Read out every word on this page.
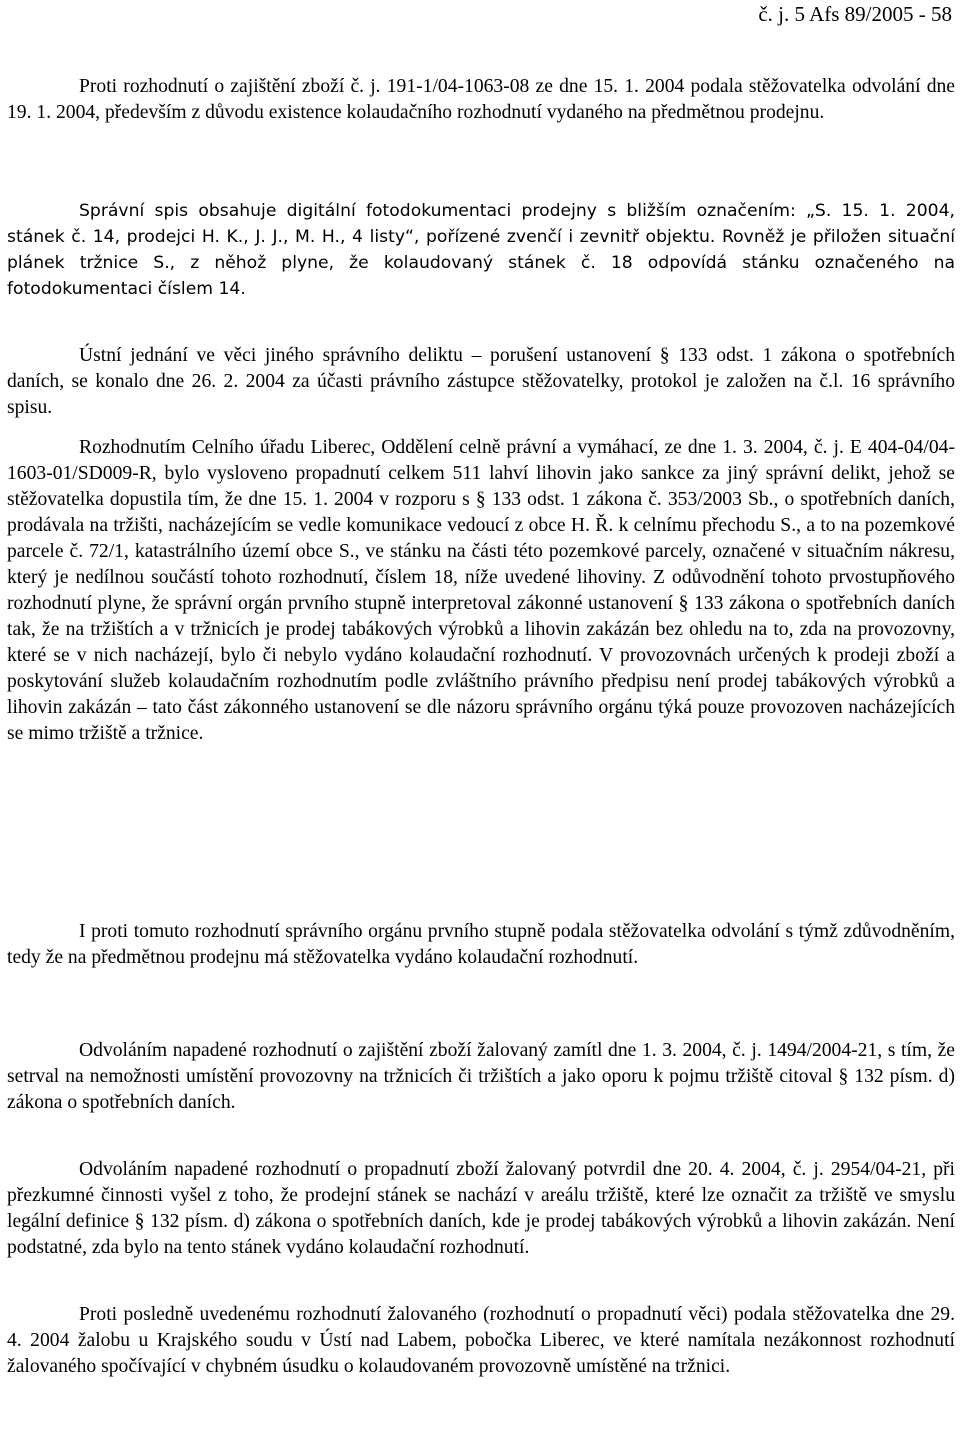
č. j. 5 Afs 89/2005 - 58

Proti rozhodnutí o zajištění zboží č. j. 191-1/04-1063-08 ze dne 15. 1. 2004 podala stěžovatelka odvolání dne 19. 1. 2004, především z důvodu existence kolaudačního rozhodnutí vydaného na předmětnou prodejnu.

Správní spis obsahuje digitální fotodokumentaci prodejny s bližším označením: „S. 15. 1. 2004, stánek č. 14, prodejci H. K., J. J., M. H., 4 listy“, pořízené zvenčí i zevnitř objektu. Rovněž je přiložen situační plánek tržnice S., z něhož plyne, že kolaudovaný stánek č. 18 odpovídá stánku označeného na fotodokumentaci číslem 14.

Ústní jednání ve věci jiného správního deliktu – porušení ustanovení § 133 odst. 1 zákona o spotřebních daních, se konalo dne 26. 2. 2004 za účasti právního zástupce stěžovatelky, protokol je založen na č.l. 16 správního spisu.

Rozhodnutím Celního úřadu Liberec, Oddělení celně právní a vymáhací, ze dne 1. 3. 2004, č. j. E 404-04/04-1603-01/SD009-R, bylo vysloveno propadnutí celkem 511 lahví lihovin jako sankce za jiný správní delikt, jehož se stěžovatelka dopustila tím, že dne 15. 1. 2004 v rozporu s § 133 odst. 1 zákona č. 353/2003 Sb., o spotřebních daních, prodávala na tržišti, nacházejícím se vedle komunikace vedoucí z obce H. Ř. k celnímu přechodu S., a to na pozemkové parcele č. 72/1, katastrálního území obce S., ve stánku na části této pozemkové parcely, označené v situačním nákresu, který je nedílnou součástí tohoto rozhodnutí, číslem 18, níže uvedené lihoviny. Z odůvodnění tohoto prvostupňového rozhodnutí plyne, že správní orgán prvního stupně interpretoval zákonné ustanovení § 133 zákona o spotřebních daních tak, že na tržištích a v tržnicích je prodej tabákových výrobků a lihovin zakázán bez ohledu na to, zda na provozovny, které se v nich nacházejí, bylo či nebylo vydáno kolaudační rozhodnutí. V provozovnách určených k prodeji zboží a poskytování služeb kolaudačním rozhodnutím podle zvláštního právního předpisu není prodej tabákových výrobků a lihovin zakázán – tato část zákonného ustanovení se dle názoru správního orgánu týká pouze provozoven nacházejících se mimo tržiště a tržnice.

I proti tomuto rozhodnutí správního orgánu prvního stupně podala stěžovatelka odvolání s týmž zdůvodněním, tedy že na předmětnou prodejnu má stěžovatelka vydáno kolaudační rozhodnutí.

Odvoláním napadené rozhodnutí o zajištění zboží žalovaný zamítl dne 1. 3. 2004, č. j. 1494/2004-21, s tím, že setrval na nemožnosti umístění provozovny na tržnicích či tržištích a jako oporu k pojmu tržiště citoval § 132 písm. d) zákona o spotřebních daních.

Odvoláním napadené rozhodnutí o propadnutí zboží žalovaný potvrdil dne 20. 4. 2004, č. j. 2954/04-21, při přezkumné činnosti vyšel z toho, že prodejní stánek se nachází v areálu tržiště, které lze označit za tržiště ve smyslu legální definice § 132 písm. d) zákona o spotřebních daních, kde je prodej tabákových výrobků a lihovin zakázán. Není podstatné, zda bylo na tento stánek vydáno kolaudační rozhodnutí.

Proti posledně uvedenému rozhodnutí žalovaného (rozhodnutí o propadnutí věci) podala stěžovatelka dne 29. 4. 2004 žalobu u Krajského soudu v Ústí nad Labem, pobočka Liberec, ve které namítala nezákonnost rozhodnutí žalovaného spočívající v chybném úsudku o kolaudovaném provozovně umístěné na tržnici.
